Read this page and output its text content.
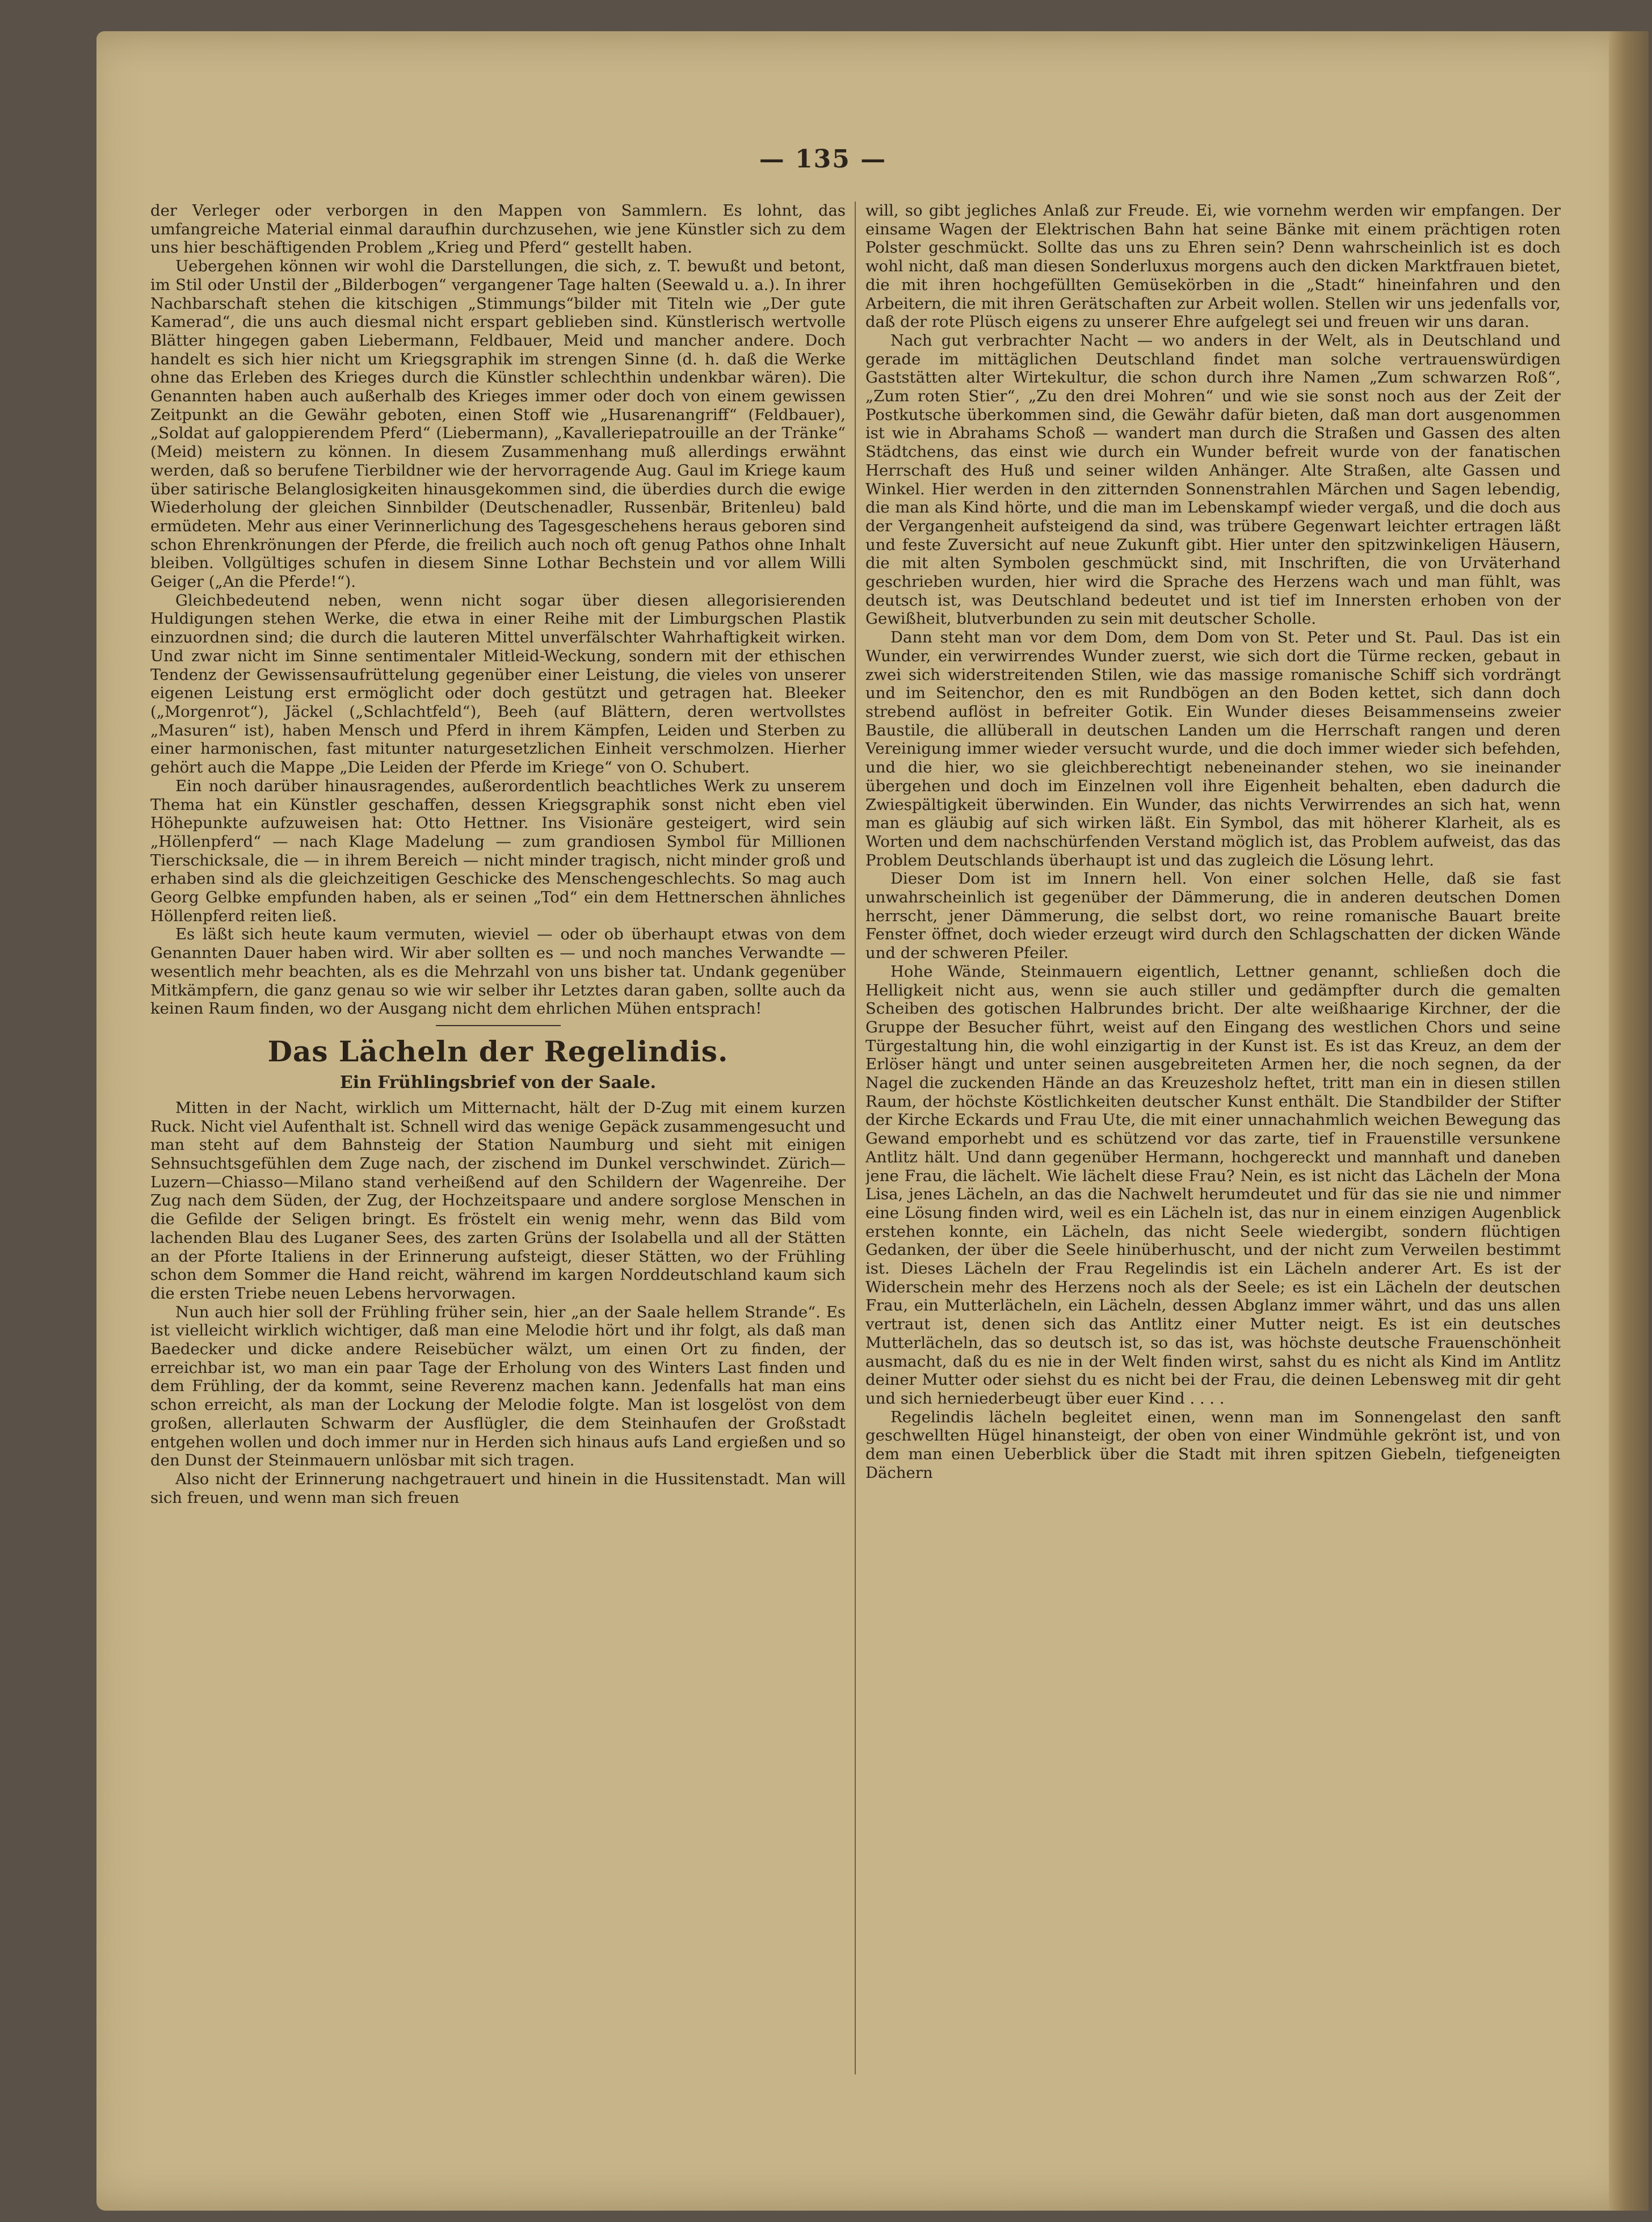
— 135 —

der Verleger oder verborgen in den Mappen von Sammlern. Es lohnt, das umfangreiche Material einmal daraufhin durchzusehen, wie jene Künstler sich zu dem uns hier beschäftigenden Problem „Krieg und Pferd“ gestellt haben.

Uebergehen können wir wohl die Darstellungen, die sich, z. T. bewußt und betont, im Stil oder Unstil der „Bilderbogen“ vergangener Tage halten (Seewald u. a.). In ihrer Nachbarschaft stehen die kitschigen „Stimmungs“bilder mit Titeln wie „Der gute Kamerad“, die uns auch diesmal nicht erspart geblieben sind. Künstlerisch wertvolle Blätter hingegen gaben Liebermann, Feldbauer, Meid und mancher andere. Doch handelt es sich hier nicht um Kriegsgraphik im strengen Sinne (d. h. daß die Werke ohne das Erleben des Krieges durch die Künstler schlechthin undenkbar wären). Die Genannten haben auch außerhalb des Krieges immer oder doch von einem gewissen Zeitpunkt an die Gewähr geboten, einen Stoff wie „Husarenangriff“ (Feldbauer), „Soldat auf galoppierendem Pferd“ (Liebermann), „Kavalleriepatrouille an der Tränke“ (Meid) meistern zu können. In diesem Zusammenhang muß allerdings erwähnt werden, daß so berufene Tierbildner wie der hervorragende Aug. Gaul im Kriege kaum über satirische Belanglosigkeiten hinausgekommen sind, die überdies durch die ewige Wiederholung der gleichen Sinnbilder (Deutschenadler, Russenbär, Britenleu) bald ermüdeten. Mehr aus einer Verinnerlichung des Tagesgeschehens heraus geboren sind schon Ehrenkrönungen der Pferde, die freilich auch noch oft genug Pathos ohne Inhalt bleiben. Vollgültiges schufen in diesem Sinne Lothar Bechstein und vor allem Willi Geiger („An die Pferde!“).

Gleichbedeutend neben, wenn nicht sogar über diesen allegorisierenden Huldigungen stehen Werke, die etwa in einer Reihe mit der Limburgschen Plastik einzuordnen sind; die durch die lauteren Mittel unverfälschter Wahrhaftigkeit wirken. Und zwar nicht im Sinne sentimentaler Mitleid-Weckung, sondern mit der ethischen Tendenz der Gewissensaufrüttelung gegenüber einer Leistung, die vieles von unserer eigenen Leistung erst ermöglicht oder doch gestützt und getragen hat. Bleeker („Morgenrot“), Jäckel („Schlachtfeld“), Beeh (auf Blättern, deren wertvollstes „Masuren“ ist), haben Mensch und Pferd in ihrem Kämpfen, Leiden und Sterben zu einer harmonischen, fast mitunter naturgesetzlichen Einheit verschmolzen. Hierher gehört auch die Mappe „Die Leiden der Pferde im Kriege“ von O. Schubert.

Ein noch darüber hinausragendes, außerordentlich beachtliches Werk zu unserem Thema hat ein Künstler geschaffen, dessen Kriegsgraphik sonst nicht eben viel Höhepunkte aufzuweisen hat: Otto Hettner. Ins Visionäre gesteigert, wird sein „Höllenpferd“ — nach Klage Madelung — zum grandiosen Symbol für Millionen Tierschicksale, die — in ihrem Bereich — nicht minder tragisch, nicht minder groß und erhaben sind als die gleichzeitigen Geschicke des Menschengeschlechts. So mag auch Georg Gelbke empfunden haben, als er seinen „Tod“ ein dem Hettnerschen ähnliches Höllenpferd reiten ließ.

Es läßt sich heute kaum vermuten, wieviel — oder ob überhaupt etwas von dem Genannten Dauer haben wird. Wir aber sollten es — und noch manches Verwandte — wesentlich mehr beachten, als es die Mehrzahl von uns bisher tat. Undank gegenüber Mitkämpfern, die ganz genau so wie wir selber ihr Letztes daran gaben, sollte auch da keinen Raum finden, wo der Ausgang nicht dem ehrlichen Mühen entsprach!

Das Lächeln der Regelindis.
Ein Frühlingsbrief von der Saale.

Mitten in der Nacht, wirklich um Mitternacht, hält der D-Zug mit einem kurzen Ruck. Nicht viel Aufenthalt ist. Schnell wird das wenige Gepäck zusammengesucht und man steht auf dem Bahnsteig der Station Naumburg und sieht mit einigen Sehnsuchtsgefühlen dem Zuge nach, der zischend im Dunkel verschwindet. Zürich—Luzern—Chiasso—Milano stand verheißend auf den Schildern der Wagenreihe. Der Zug nach dem Süden, der Zug, der Hochzeitspaare und andere sorglose Menschen in die Gefilde der Seligen bringt. Es fröstelt ein wenig mehr, wenn das Bild vom lachenden Blau des Luganer Sees, des zarten Grüns der Isolabella und all der Stätten an der Pforte Italiens in der Erinnerung aufsteigt, dieser Stätten, wo der Frühling schon dem Sommer die Hand reicht, während im kargen Norddeutschland kaum sich die ersten Triebe neuen Lebens hervorwagen.

Nun auch hier soll der Frühling früher sein, hier „an der Saale hellem Strande“. Es ist vielleicht wirklich wichtiger, daß man eine Melodie hört und ihr folgt, als daß man Baedecker und dicke andere Reisebücher wälzt, um einen Ort zu finden, der erreichbar ist, wo man ein paar Tage der Erholung von des Winters Last finden und dem Frühling, der da kommt, seine Reverenz machen kann. Jedenfalls hat man eins schon erreicht, als man der Lockung der Melodie folgte. Man ist losgelöst von dem großen, allerlauten Schwarm der Ausflügler, die dem Steinhaufen der Großstadt entgehen wollen und doch immer nur in Herden sich hinaus aufs Land ergießen und so den Dunst der Steinmauern unlösbar mit sich tragen.

Also nicht der Erinnerung nachgetrauert und hinein in die Hussitenstadt. Man will sich freuen, und wenn man sich freuen

will, so gibt jegliches Anlaß zur Freude. Ei, wie vornehm werden wir empfangen. Der einsame Wagen der Elektrischen Bahn hat seine Bänke mit einem prächtigen roten Polster geschmückt. Sollte das uns zu Ehren sein? Denn wahrscheinlich ist es doch wohl nicht, daß man diesen Sonderluxus morgens auch den dicken Marktfrauen bietet, die mit ihren hochgefüllten Gemüsekörben in die „Stadt“ hineinfahren und den Arbeitern, die mit ihren Gerätschaften zur Arbeit wollen. Stellen wir uns jedenfalls vor, daß der rote Plüsch eigens zu unserer Ehre aufgelegt sei und freuen wir uns daran.

Nach gut verbrachter Nacht — wo anders in der Welt, als in Deutschland und gerade im mittäglichen Deutschland findet man solche vertrauenswürdigen Gaststätten alter Wirtekultur, die schon durch ihre Namen „Zum schwarzen Roß“, „Zum roten Stier“, „Zu den drei Mohren“ und wie sie sonst noch aus der Zeit der Postkutsche überkommen sind, die Gewähr dafür bieten, daß man dort ausgenommen ist wie in Abrahams Schoß — wandert man durch die Straßen und Gassen des alten Städtchens, das einst wie durch ein Wunder befreit wurde von der fanatischen Herrschaft des Huß und seiner wilden Anhänger. Alte Straßen, alte Gassen und Winkel. Hier werden in den zitternden Sonnenstrahlen Märchen und Sagen lebendig, die man als Kind hörte, und die man im Lebenskampf wieder vergaß, und die doch aus der Vergangenheit aufsteigend da sind, was trübere Gegenwart leichter ertragen läßt und feste Zuversicht auf neue Zukunft gibt. Hier unter den spitzwinkeligen Häusern, die mit alten Symbolen geschmückt sind, mit Inschriften, die von Urväterhand geschrieben wurden, hier wird die Sprache des Herzens wach und man fühlt, was deutsch ist, was Deutschland bedeutet und ist tief im Innersten erhoben von der Gewißheit, blutverbunden zu sein mit deutscher Scholle.

Dann steht man vor dem Dom, dem Dom von St. Peter und St. Paul. Das ist ein Wunder, ein verwirrendes Wunder zuerst, wie sich dort die Türme recken, gebaut in zwei sich widerstreitenden Stilen, wie das massige romanische Schiff sich vordrängt und im Seitenchor, den es mit Rundbögen an den Boden kettet, sich dann doch strebend auflöst in befreiter Gotik. Ein Wunder dieses Beisammenseins zweier Baustile, die allüberall in deutschen Landen um die Herrschaft rangen und deren Vereinigung immer wieder versucht wurde, und die doch immer wieder sich befehden, und die hier, wo sie gleichberechtigt nebeneinander stehen, wo sie ineinander übergehen und doch im Einzelnen voll ihre Eigenheit behalten, eben dadurch die Zwiespältigkeit überwinden. Ein Wunder, das nichts Verwirrendes an sich hat, wenn man es gläubig auf sich wirken läßt. Ein Symbol, das mit höherer Klarheit, als es Worten und dem nachschürfenden Verstand möglich ist, das Problem aufweist, das das Problem Deutschlands überhaupt ist und das zugleich die Lösung lehrt.

Dieser Dom ist im Innern hell. Von einer solchen Helle, daß sie fast unwahrscheinlich ist gegenüber der Dämmerung, die in anderen deutschen Domen herrscht, jener Dämmerung, die selbst dort, wo reine romanische Bauart breite Fenster öffnet, doch wieder erzeugt wird durch den Schlagschatten der dicken Wände und der schweren Pfeiler.

Hohe Wände, Steinmauern eigentlich, Lettner genannt, schließen doch die Helligkeit nicht aus, wenn sie auch stiller und gedämpfter durch die gemalten Scheiben des gotischen Halbrundes bricht. Der alte weißhaarige Kirchner, der die Gruppe der Besucher führt, weist auf den Eingang des westlichen Chors und seine Türgestaltung hin, die wohl einzigartig in der Kunst ist. Es ist das Kreuz, an dem der Erlöser hängt und unter seinen ausgebreiteten Armen her, die noch segnen, da der Nagel die zuckenden Hände an das Kreuzesholz heftet, tritt man ein in diesen stillen Raum, der höchste Köstlichkeiten deutscher Kunst enthält. Die Standbilder der Stifter der Kirche Eckards und Frau Ute, die mit einer unnachahmlich weichen Bewegung das Gewand emporhebt und es schützend vor das zarte, tief in Frauenstille versunkene Antlitz hält. Und dann gegenüber Hermann, hochgereckt und mannhaft und daneben jene Frau, die lächelt. Wie lächelt diese Frau? Nein, es ist nicht das Lächeln der Mona Lisa, jenes Lächeln, an das die Nachwelt herumdeutet und für das sie nie und nimmer eine Lösung finden wird, weil es ein Lächeln ist, das nur in einem einzigen Augenblick erstehen konnte, ein Lächeln, das nicht Seele wiedergibt, sondern flüchtigen Gedanken, der über die Seele hinüberhuscht, und der nicht zum Verweilen bestimmt ist. Dieses Lächeln der Frau Regelindis ist ein Lächeln anderer Art. Es ist der Widerschein mehr des Herzens noch als der Seele; es ist ein Lächeln der deutschen Frau, ein Mutterlächeln, ein Lächeln, dessen Abglanz immer währt, und das uns allen vertraut ist, denen sich das Antlitz einer Mutter neigt. Es ist ein deutsches Mutterlächeln, das so deutsch ist, so das ist, was höchste deutsche Frauenschönheit ausmacht, daß du es nie in der Welt finden wirst, sahst du es nicht als Kind im Antlitz deiner Mutter oder siehst du es nicht bei der Frau, die deinen Lebensweg mit dir geht und sich herniederbeugt über euer Kind . . . .

Regelindis lächeln begleitet einen, wenn man im Sonnengelast den sanft geschwellten Hügel hinansteigt, der oben von einer Windmühle gekrönt ist, und von dem man einen Ueberblick über die Stadt mit ihren spitzen Giebeln, tiefgeneigten Dächern
